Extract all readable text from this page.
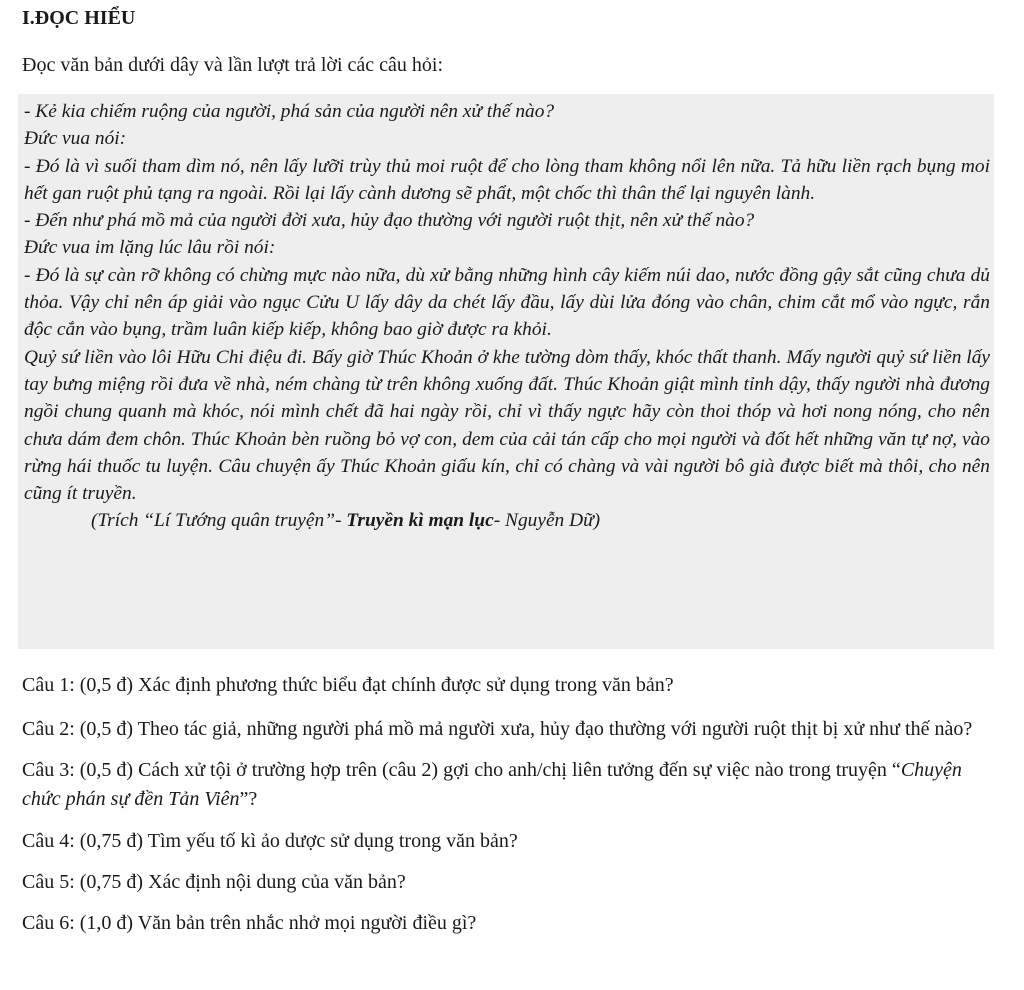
I.ĐỌC HIỂU

Đọc văn bản dưới dây và lần lượt trả lời các câu hỏi:

- Kẻ kia chiếm ruộng của người, phá sản của người nên xử thế nào?

Đức vua nói:

- Đó là vì suối tham dìm nó, nên lấy lưỡi trùy thủ moi ruột để cho lòng tham không nổi lên nữa. Tả hữu liền rạch bụng moi hết gan ruột phủ tạng ra ngoài. Rồi lại lấy cành dương sẽ phẩt, một chốc thì thân thể lại nguyên lành.

- Đến như phá mồ mả của người đời xưa, hủy đạo thường với người ruột thịt, nên xử thế nào?

Đức vua im lặng lúc lâu rồi nói:

- Đó là sự càn rỡ không có chừng mực nào nữa, dù xử bằng những hình cây kiếm núi dao, nước đồng gậy sắt cũng chưa dủ thỏa. Vậy chỉ nên áp giải vào ngục Cửu U lấy dây da chét lấy đầu, lấy dùi lửa đóng vào chân, chim cắt mổ vào ngực, rắn độc cắn vào bụng, trầm luân kiếp kiếp, không bao giờ được ra khỏi.

Quỷ sứ liền vào lôi Hữu Chi điệu đi. Bấy giờ Thúc Khoản ở khe tường dòm thấy, khóc thất thanh. Mấy người quỷ sứ liền lấy tay bưng miệng rồi đưa về nhà, ném chàng từ trên không xuống đất. Thúc Khoản giật mình tỉnh dậy, thấy người nhà đương ngồi chung quanh mà khóc, nói mình chết đã hai ngày rồi, chỉ vì thấy ngực hãy còn thoi thóp và hơi nong nóng, cho nên chưa dám đem chôn. Thúc Khoản bèn ruồng bỏ vợ con, dem của cải tán cấp cho mọi người và đốt hết những văn tự nợ, vào rừng hái thuốc tu luyện. Câu chuyện ấy Thúc Khoản giấu kín, chỉ có chàng và vài người bô già được biết mà thôi, cho nên cũng ít truyền.

(Trích “Lí Tướng quân truyện”- Truyền kì mạn lục- Nguyễn Dữ)

Câu 1: (0,5 đ) Xác định phương thức biểu đạt chính được sử dụng trong văn bản?

Câu 2: (0,5 đ) Theo tác giả, những người phá mồ mả người xưa, hủy đạo thường với người ruột thịt bị xử như thế nào?

Câu 3: (0,5 đ) Cách xử tội ở trường hợp trên (câu 2) gợi cho anh/chị liên tưởng đến sự việc nào trong truyện “Chuyện chức phán sự đền Tản Viên”?

Câu 4: (0,75 đ) Tìm yếu tố kì ảo dược sử dụng trong văn bản?

Câu 5: (0,75 đ) Xác định nội dung của văn bản?

Câu 6: (1,0 đ) Văn bản trên nhắc nhở mọi người điều gì?
